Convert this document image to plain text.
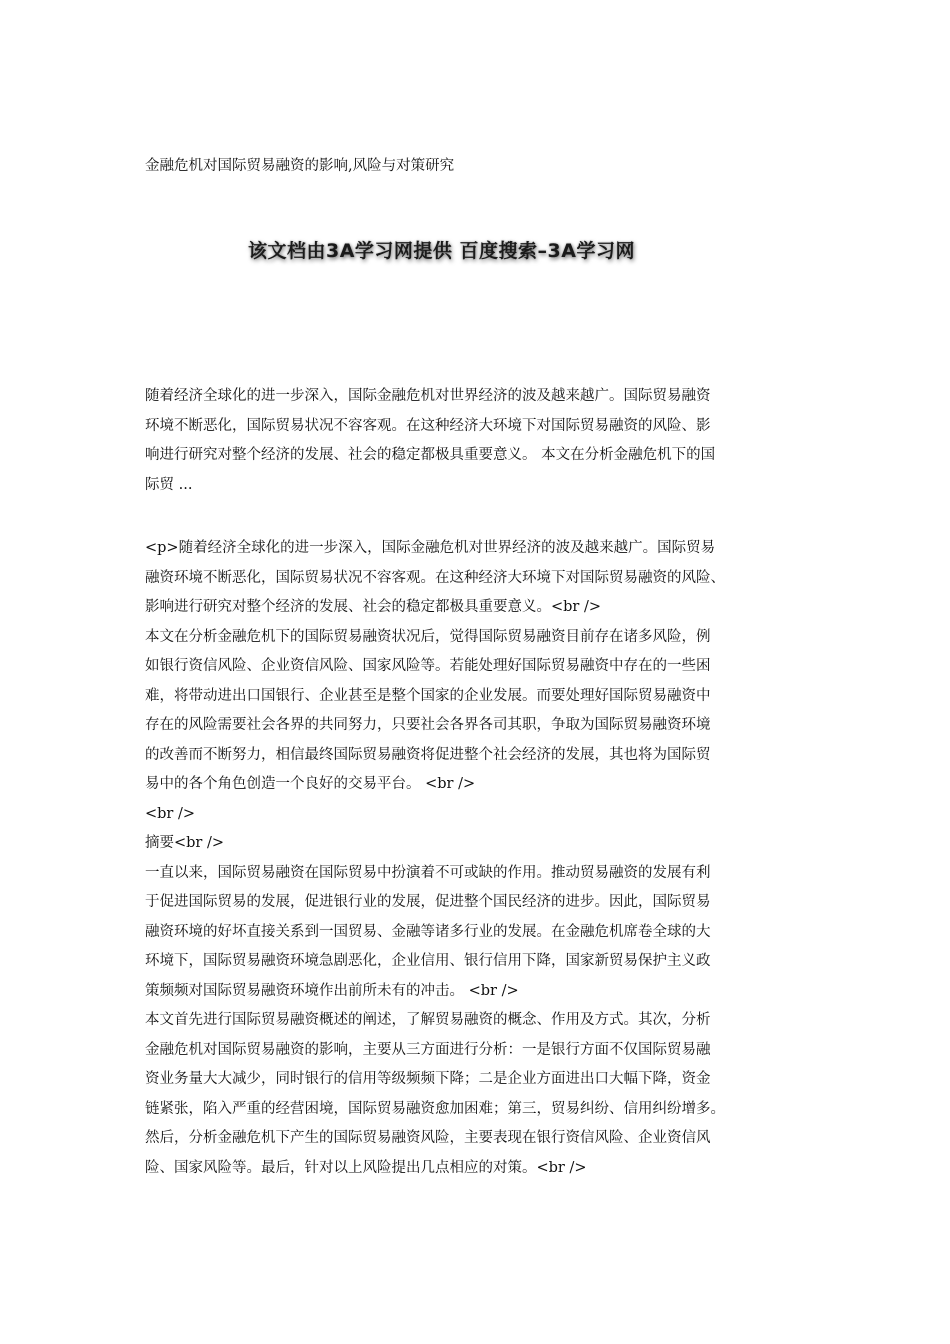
金融危机对国际贸易融资的影响,风险与对策研究
该文档由3A学习网提供 百度搜索–3A学习网
随着经济全球化的进一步深入，国际金融危机对世界经济的波及越来越广。国际贸易融资
环境不断恶化，国际贸易状况不容客观。在这种经济大环境下对国际贸易融资的风险、影
响进行研究对整个经济的发展、社会的稳定都极具重要意义。 本文在分析金融危机下的国
际贸 ...
<p>随着经济全球化的进一步深入，国际金融危机对世界经济的波及越来越广。国际贸易
融资环境不断恶化，国际贸易状况不容客观。在这种经济大环境下对国际贸易融资的风险、
影响进行研究对整个经济的发展、社会的稳定都极具重要意义。<br />
本文在分析金融危机下的国际贸易融资状况后，觉得国际贸易融资目前存在诸多风险，例
如银行资信风险、企业资信风险、国家风险等。若能处理好国际贸易融资中存在的一些困
难，将带动进出口国银行、企业甚至是整个国家的企业发展。而要处理好国际贸易融资中
存在的风险需要社会各界的共同努力，只要社会各界各司其职，争取为国际贸易融资环境
的改善而不断努力，相信最终国际贸易融资将促进整个社会经济的发展，其也将为国际贸
易中的各个角色创造一个良好的交易平台。 <br />
<br />
摘要<br />
一直以来，国际贸易融资在国际贸易中扮演着不可或缺的作用。推动贸易融资的发展有利
于促进国际贸易的发展，促进银行业的发展，促进整个国民经济的进步。因此，国际贸易
融资环境的好坏直接关系到一国贸易、金融等诸多行业的发展。在金融危机席卷全球的大
环境下，国际贸易融资环境急剧恶化，企业信用、银行信用下降，国家新贸易保护主义政
策频频对国际贸易融资环境作出前所未有的冲击。 <br />
本文首先进行国际贸易融资概述的阐述，了解贸易融资的概念、作用及方式。其次，分析
金融危机对国际贸易融资的影响，主要从三方面进行分析：一是银行方面不仅国际贸易融
资业务量大大减少，同时银行的信用等级频频下降；二是企业方面进出口大幅下降，资金
链紧张，陷入严重的经营困境，国际贸易融资愈加困难；第三，贸易纠纷、信用纠纷增多。
然后，分析金融危机下产生的国际贸易融资风险，主要表现在银行资信风险、企业资信风
险、国家风险等。最后，针对以上风险提出几点相应的对策。<br />
